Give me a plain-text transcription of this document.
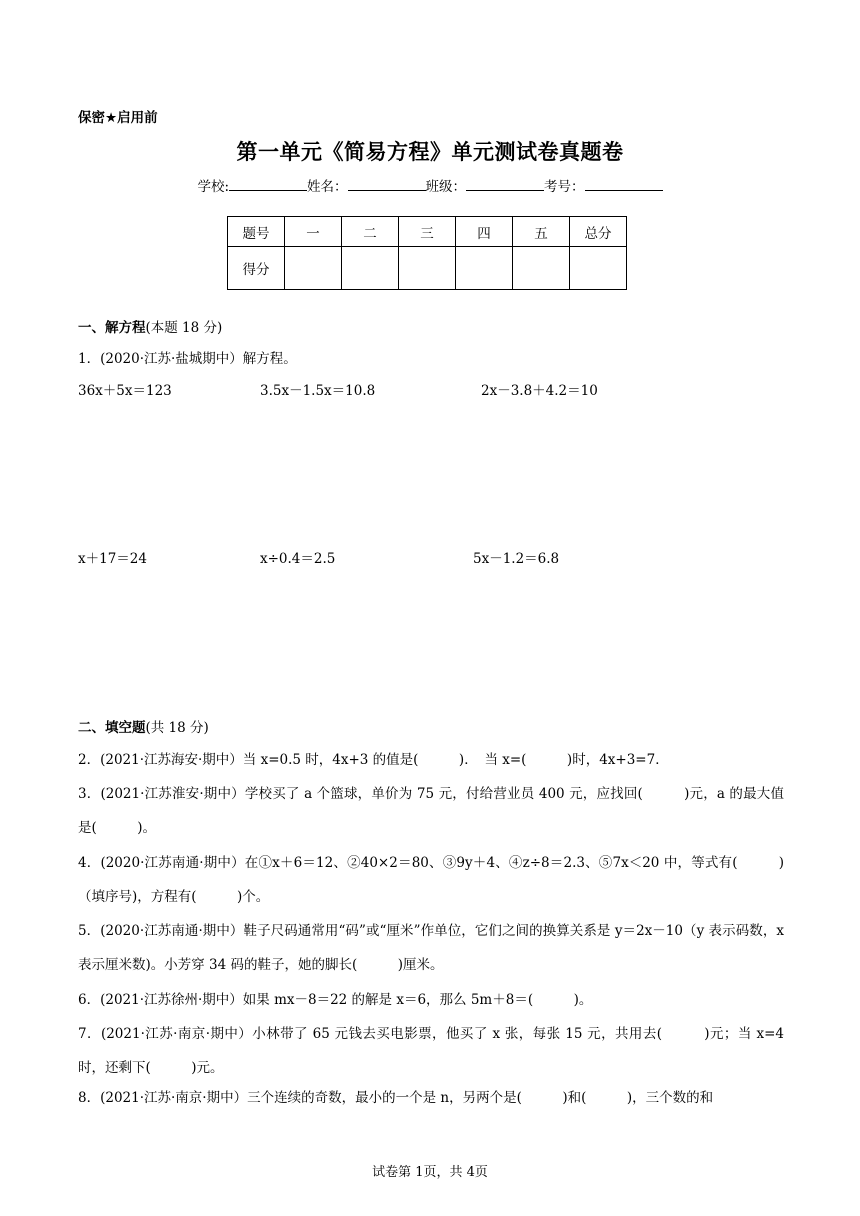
保密★启用前
第一单元《简易方程》单元测试卷真题卷
学校:	姓名：	班级：	考号：
题号	一	二	三	四	五	总分
得分						
一、解方程(本题 18 分)
1．(2020·江苏·盐城期中）解方程。
36x＋5x＝123	3.5x－1.5x＝10.8	2x－3.8＋4.2＝10
x＋17＝24	x÷0.4＝2.5	5x－1.2＝6.8
二、填空题(共 18 分)
2．(2021·江苏海安·期中）当 x=0.5 时，4x+3 的值是(　　　)．　当 x=(　　　)时，4x+3=7．
3．(2021·江苏淮安·期中）学校买了 a 个篮球，单价为 75 元，付给营业员 400 元，应找回(　　　)元，a 的最大值是(　　　)。
4．(2020·江苏南通·期中）在①x＋6＝12、②40×2＝80、③9y＋4、④z÷8＝2.3、⑤7x＜20 中，等式有(　　　)（填序号)，方程有(　　　)个。
5．(2020·江苏南通·期中）鞋子尺码通常用“码”或“厘米”作单位，它们之间的换算关系是 y＝2x－10（y 表示码数，x 表示厘米数)。小芳穿 34 码的鞋子，她的脚长(　　　)厘米。
6．(2021·江苏徐州·期中）如果 mx－8＝22 的解是 x＝6，那么 5m＋8＝(　　　)。
7．(2021·江苏·南京·期中）小林带了 65 元钱去买电影票，他买了 x 张，每张 15 元，共用去(　　　)元；当 x=4时，还剩下(　　　)元。
8．(2021·江苏·南京·期中）三个连续的奇数，最小的一个是 n，另两个是(　　　)和(　　　)，三个数的和
试卷第 1页，共 4页
